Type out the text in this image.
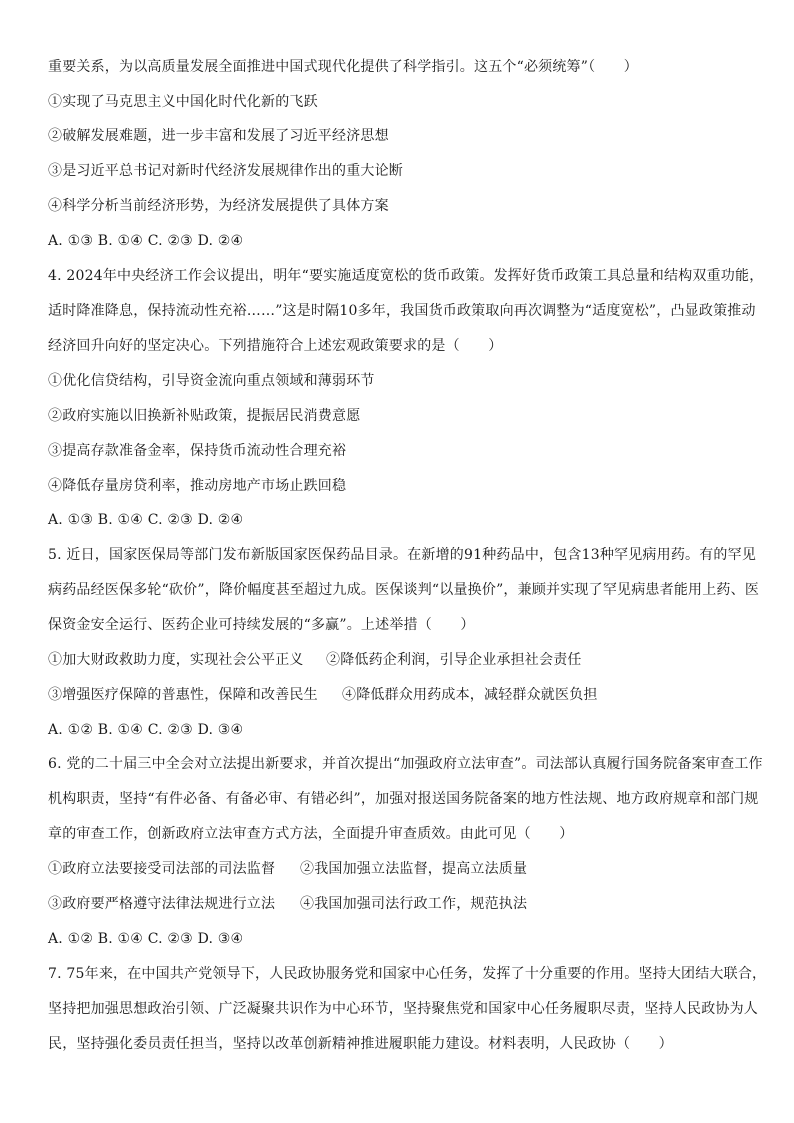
重要关系，为以高质量发展全面推进中国式现代化提供了科学指引。这五个“必须统筹”（　　）
①实现了马克思主义中国化时代化新的飞跃
②破解发展难题，进一步丰富和发展了习近平经济思想
③是习近平总书记对新时代经济发展规律作出的重大论断
④科学分析当前经济形势，为经济发展提供了具体方案
A. ①③ B. ①④ C. ②③ D. ②④
4. 2024年中央经济工作会议提出，明年“要实施适度宽松的货币政策。发挥好货币政策工具总量和结构双重功能，
适时降准降息，保持流动性充裕……”这是时隔10多年，我国货币政策取向再次调整为“适度宽松”，凸显政策推动
经济回升向好的坚定决心。下列措施符合上述宏观政策要求的是（　　）
①优化信贷结构，引导资金流向重点领域和薄弱环节
②政府实施以旧换新补贴政策，提振居民消费意愿
③提高存款准备金率，保持货币流动性合理充裕
④降低存量房贷利率，推动房地产市场止跌回稳
A. ①③ B. ①④ C. ②③ D. ②④
5. 近日，国家医保局等部门发布新版国家医保药品目录。在新增的91种药品中，包含13种罕见病用药。有的罕见
病药品经医保多轮“砍价”，降价幅度甚至超过九成。医保谈判“以量换价”，兼顾并实现了罕见病患者能用上药、医
保资金安全运行、医药企业可持续发展的“多赢”。上述举措（　　）
①加大财政救助力度，实现社会公平正义 ②降低药企利润，引导企业承担社会责任
③增强医疗保障的普惠性，保障和改善民生 ④降低群众用药成本，减轻群众就医负担
A. ①② B. ①④ C. ②③ D. ③④
6. 党的二十届三中全会对立法提出新要求，并首次提出“加强政府立法审查”。司法部认真履行国务院备案审查工作
机构职责，坚持“有件必备、有备必审、有错必纠”，加强对报送国务院备案的地方性法规、地方政府规章和部门规
章的审查工作，创新政府立法审查方式方法，全面提升审查质效。由此可见（　　）
①政府立法要接受司法部的司法监督 ②我国加强立法监督，提高立法质量
③政府要严格遵守法律法规进行立法 ④我国加强司法行政工作，规范执法
A. ①② B. ①④ C. ②③ D. ③④
7. 75年来，在中国共产党领导下，人民政协服务党和国家中心任务，发挥了十分重要的作用。坚持大团结大联合，
坚持把加强思想政治引领、广泛凝聚共识作为中心环节，坚持聚焦党和国家中心任务履职尽责，坚持人民政协为人
民，坚持强化委员责任担当，坚持以改革创新精神推进履职能力建设。材料表明，人民政协（　　）
